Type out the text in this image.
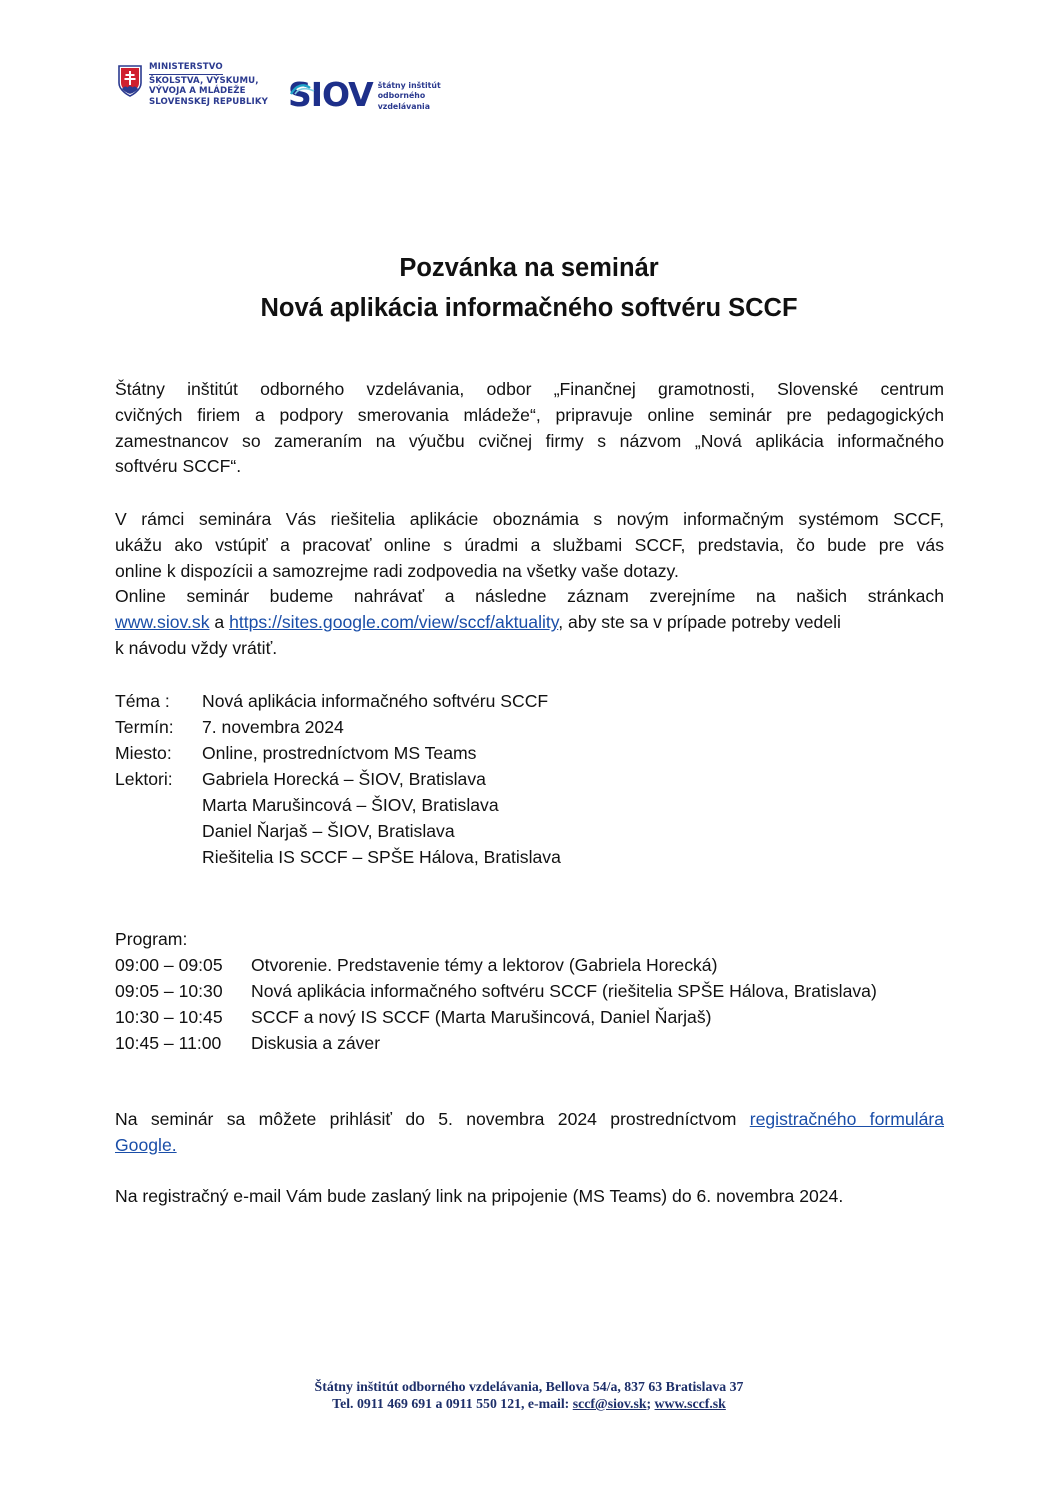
MINISTERSTVO
ŠKOLSTVA, VÝSKUMU,
VÝVOJA A MLÁDEŽE
SLOVENSKEJ REPUBLIKY SIOV štátny inštitút
odborného
vzdelávania
Pozvánka na seminár
Nová aplikácia informačného softvéru SCCF
Štátny inštitút odborného vzdelávania, odbor „Finančnej gramotnosti, Slovenské centrum
cvičných firiem a podpory smerovania mládeže“, pripravuje online seminár pre pedagogických
zamestnancov so zameraním na výučbu cvičnej firmy s názvom „Nová aplikácia informačného
softvéru SCCF“.
V rámci seminára Vás riešitelia aplikácie oboznámia s novým informačným systémom SCCF,
ukážu ako vstúpiť a pracovať online s úradmi a službami SCCF, predstavia, čo bude pre vás
online k dispozícii a samozrejme radi zodpovedia na všetky vaše dotazy.
Online seminár budeme nahrávať a následne záznam zverejníme na našich stránkach
www.siov.sk a https://sites.google.com/view/sccf/aktuality, aby ste sa v prípade potreby vedeli
k návodu vždy vrátiť.
Téma :	Nová aplikácia informačného softvéru SCCF
Termín:	7. novembra 2024
Miesto:	Online, prostredníctvom MS Teams
Lektori:	Gabriela Horecká – ŠIOV, Bratislava
Marta Marušincová – ŠIOV, Bratislava
Daniel Ňarjaš – ŠIOV, Bratislava
Riešitelia IS SCCF – SPŠE Hálova, Bratislava
Program:
09:00 – 09:05	Otvorenie. Predstavenie témy a lektorov (Gabriela Horecká)
09:05 – 10:30	Nová aplikácia informačného softvéru SCCF (riešitelia SPŠE Hálova, Bratislava)
10:30 – 10:45	SCCF a nový IS SCCF (Marta Marušincová, Daniel Ňarjaš)
10:45 – 11:00	Diskusia a záver
Na seminár sa môžete prihlásiť do 5. novembra 2024 prostredníctvom registračného formulára
Google.
Na registračný e-mail Vám bude zaslaný link na pripojenie (MS Teams) do 6. novembra 2024.
Štátny inštitút odborného vzdelávania, Bellova 54/a, 837 63 Bratislava 37
Tel. 0911 469 691 a 0911 550 121, e-mail: sccf@siov.sk; www.sccf.sk
